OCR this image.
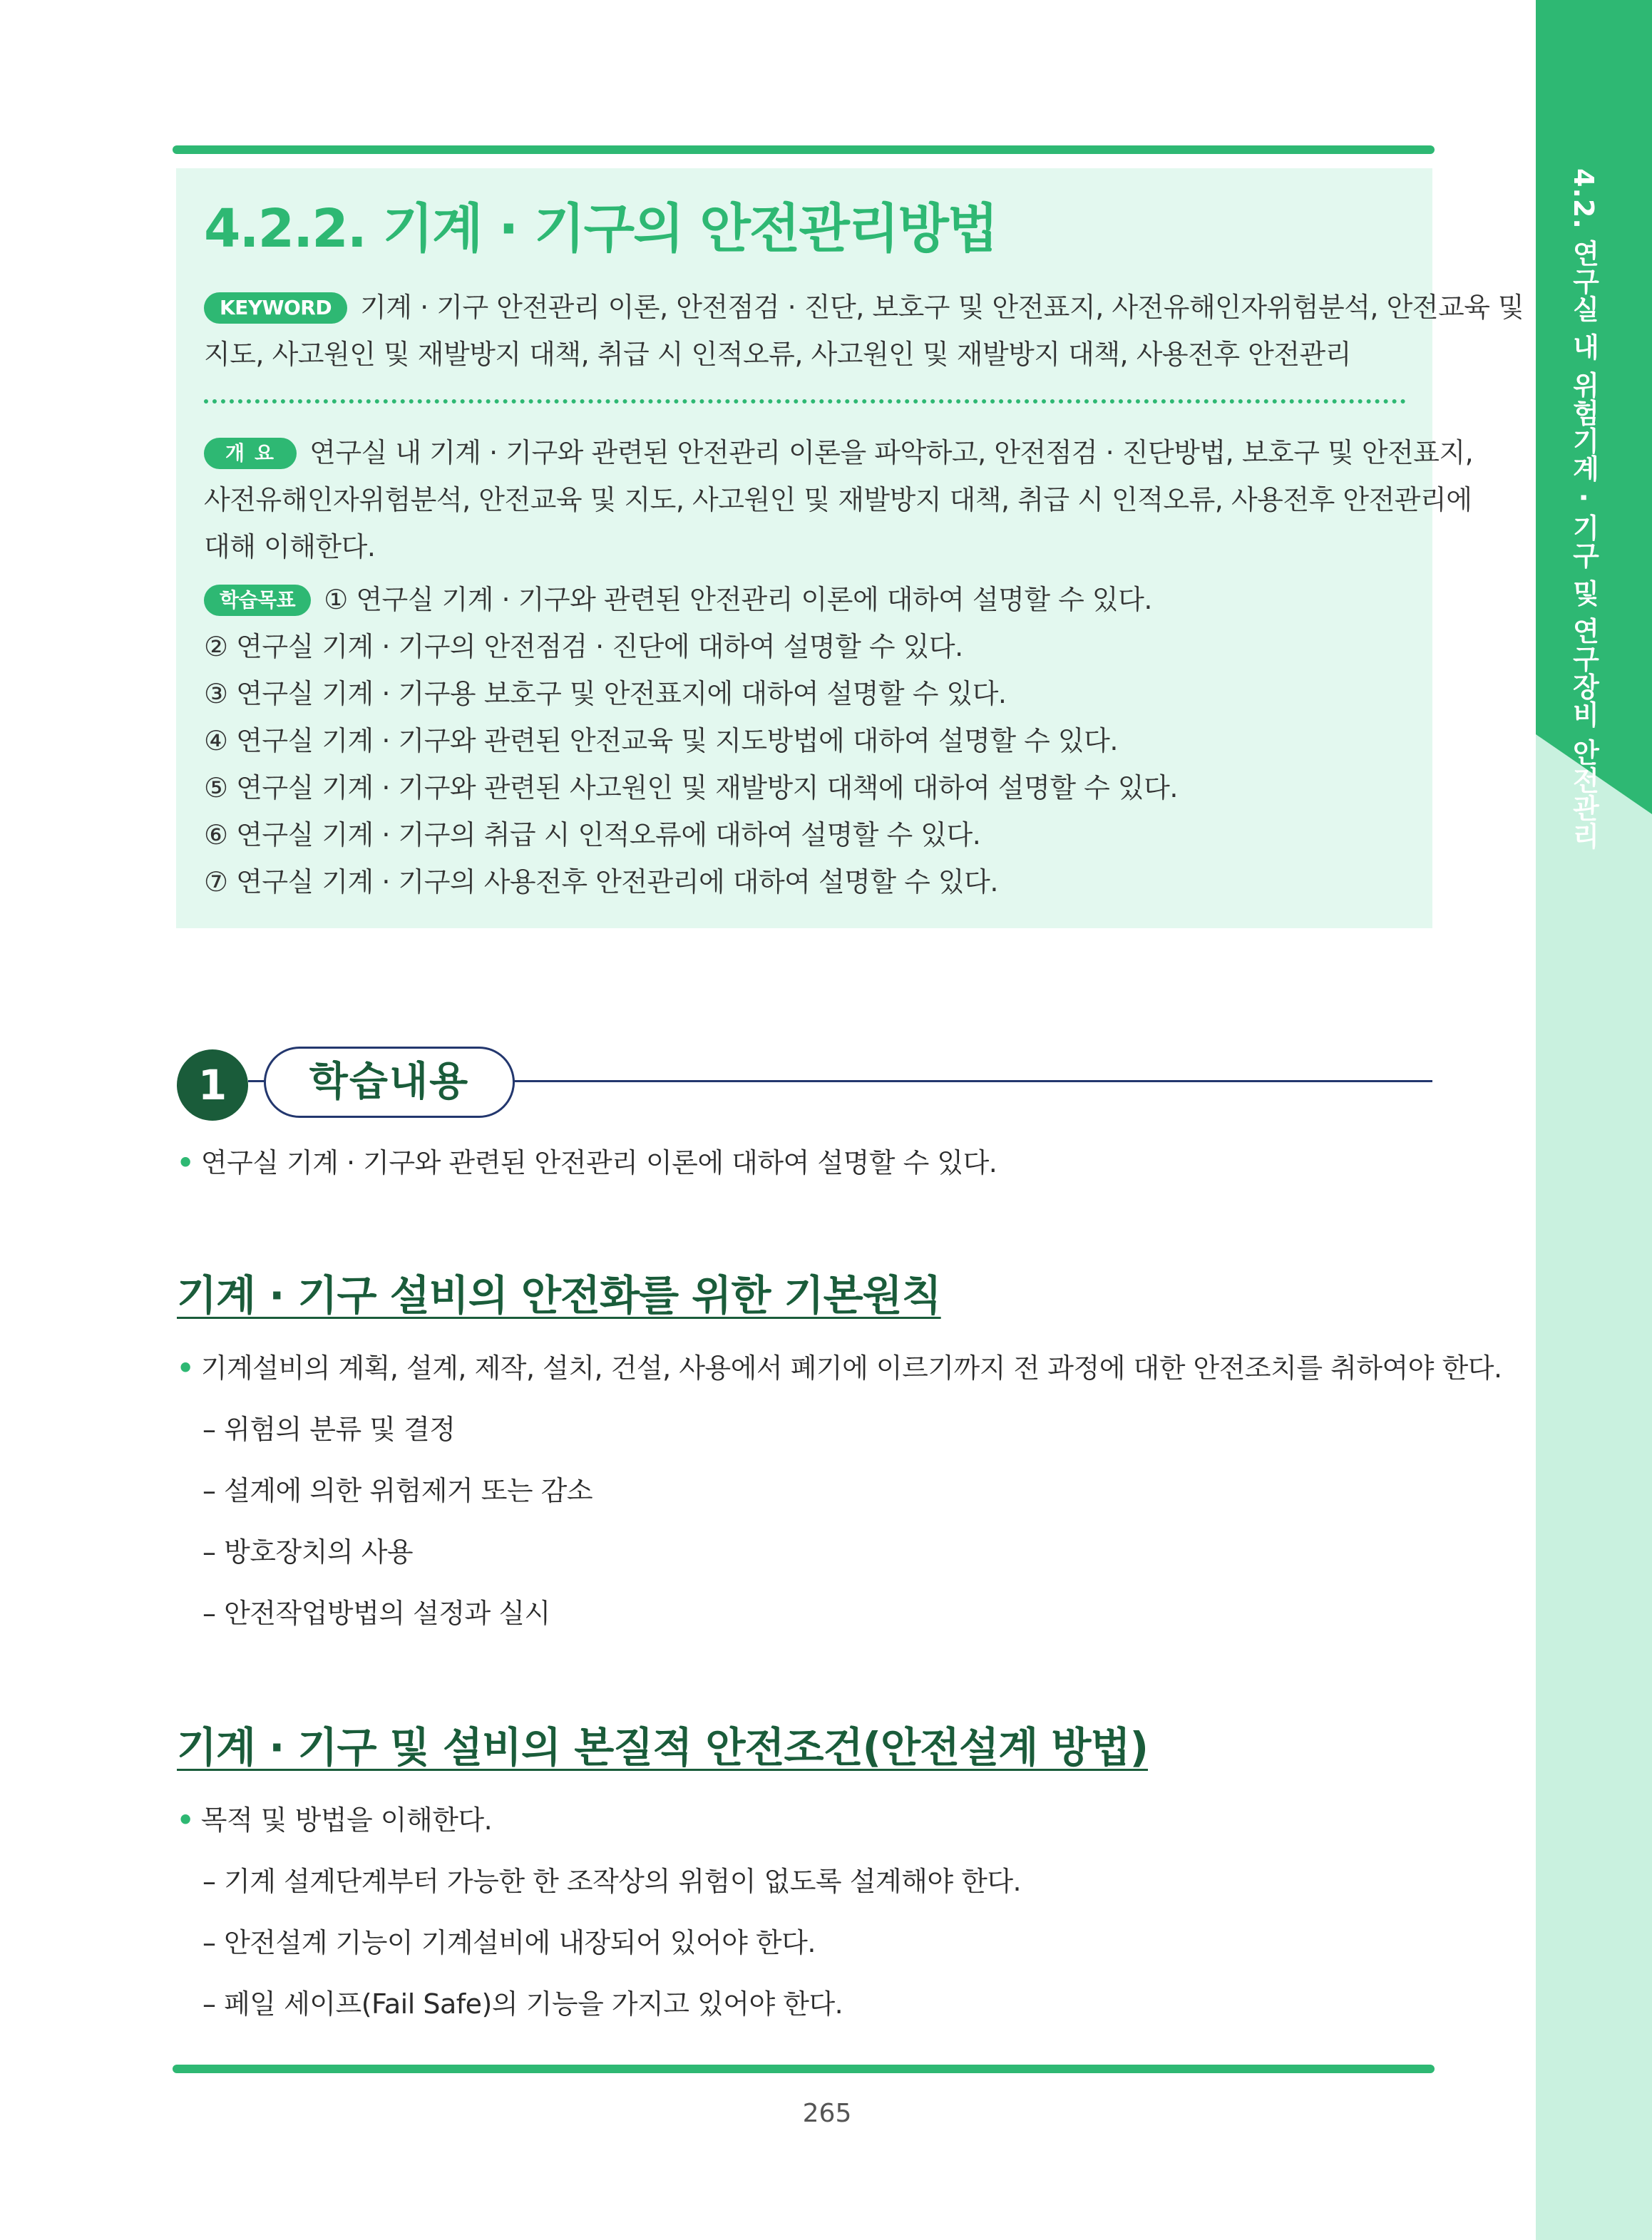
4.2. 연구실 내 위험기계 · 기구 및 연구장비 안전관리
4.2.2. 기계 · 기구의 안전관리방법
KEYWORD 기계 · 기구 안전관리 이론, 안전점검 · 진단, 보호구 및 안전표지, 사전유해인자위험분석, 안전교육 및
지도, 사고원인 및 재발방지 대책, 취급 시 인적오류, 사고원인 및 재발방지 대책, 사용전후 안전관리
개요 연구실 내 기계 · 기구와 관련된 안전관리 이론을 파악하고, 안전점검 · 진단방법, 보호구 및 안전표지,
사전유해인자위험분석, 안전교육 및 지도, 사고원인 및 재발방지 대책, 취급 시 인적오류, 사용전후 안전관리에
대해 이해한다.
학습목표 ① 연구실 기계 · 기구와 관련된 안전관리 이론에 대하여 설명할 수 있다.
② 연구실 기계 · 기구의 안전점검 · 진단에 대하여 설명할 수 있다.
③ 연구실 기계 · 기구용 보호구 및 안전표지에 대하여 설명할 수 있다.
④ 연구실 기계 · 기구와 관련된 안전교육 및 지도방법에 대하여 설명할 수 있다.
⑤ 연구실 기계 · 기구와 관련된 사고원인 및 재발방지 대책에 대하여 설명할 수 있다.
⑥ 연구실 기계 · 기구의 취급 시 인적오류에 대하여 설명할 수 있다.
⑦ 연구실 기계 · 기구의 사용전후 안전관리에 대하여 설명할 수 있다.
1	학습내용
• 연구실 기계 · 기구와 관련된 안전관리 이론에 대하여 설명할 수 있다.
기계 · 기구 설비의 안전화를 위한 기본원칙
• 기계설비의 계획, 설계, 제작, 설치, 건설, 사용에서 폐기에 이르기까지 전 과정에 대한 안전조치를 취하여야 한다.
– 위험의 분류 및 결정
– 설계에 의한 위험제거 또는 감소
– 방호장치의 사용
– 안전작업방법의 설정과 실시
기계 · 기구 및 설비의 본질적 안전조건(안전설계 방법)
• 목적 및 방법을 이해한다.
– 기계 설계단계부터 가능한 한 조작상의 위험이 없도록 설계해야 한다.
– 안전설계 기능이 기계설비에 내장되어 있어야 한다.
– 페일 세이프(Fail Safe)의 기능을 가지고 있어야 한다.
265
